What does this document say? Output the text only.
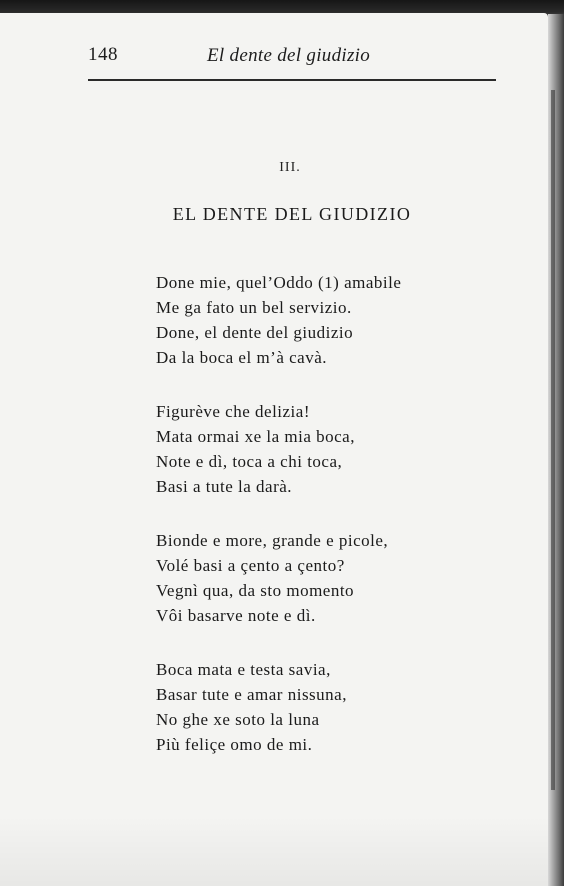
148	El dente del giudizio
III.
EL DENTE DEL GIUDIZIO
Done mie, quel’Oddo (1) amabile
Me ga fato un bel servizio.
Done, el dente del giudizio
Da la boca el m’à cavà.
Figurève che delizia!
Mata ormai xe la mia boca,
Note e dì, toca a chi toca,
Basi a tute la darà.
Bionde e more, grande e picole,
Volé basi a çento a çento?
Vegnì qua, da sto momento
Vôi basarve note e dì.
Boca mata e testa savia,
Basar tute e amar nissuna,
No ghe xe soto la luna
Più feliçe omo de mi.
